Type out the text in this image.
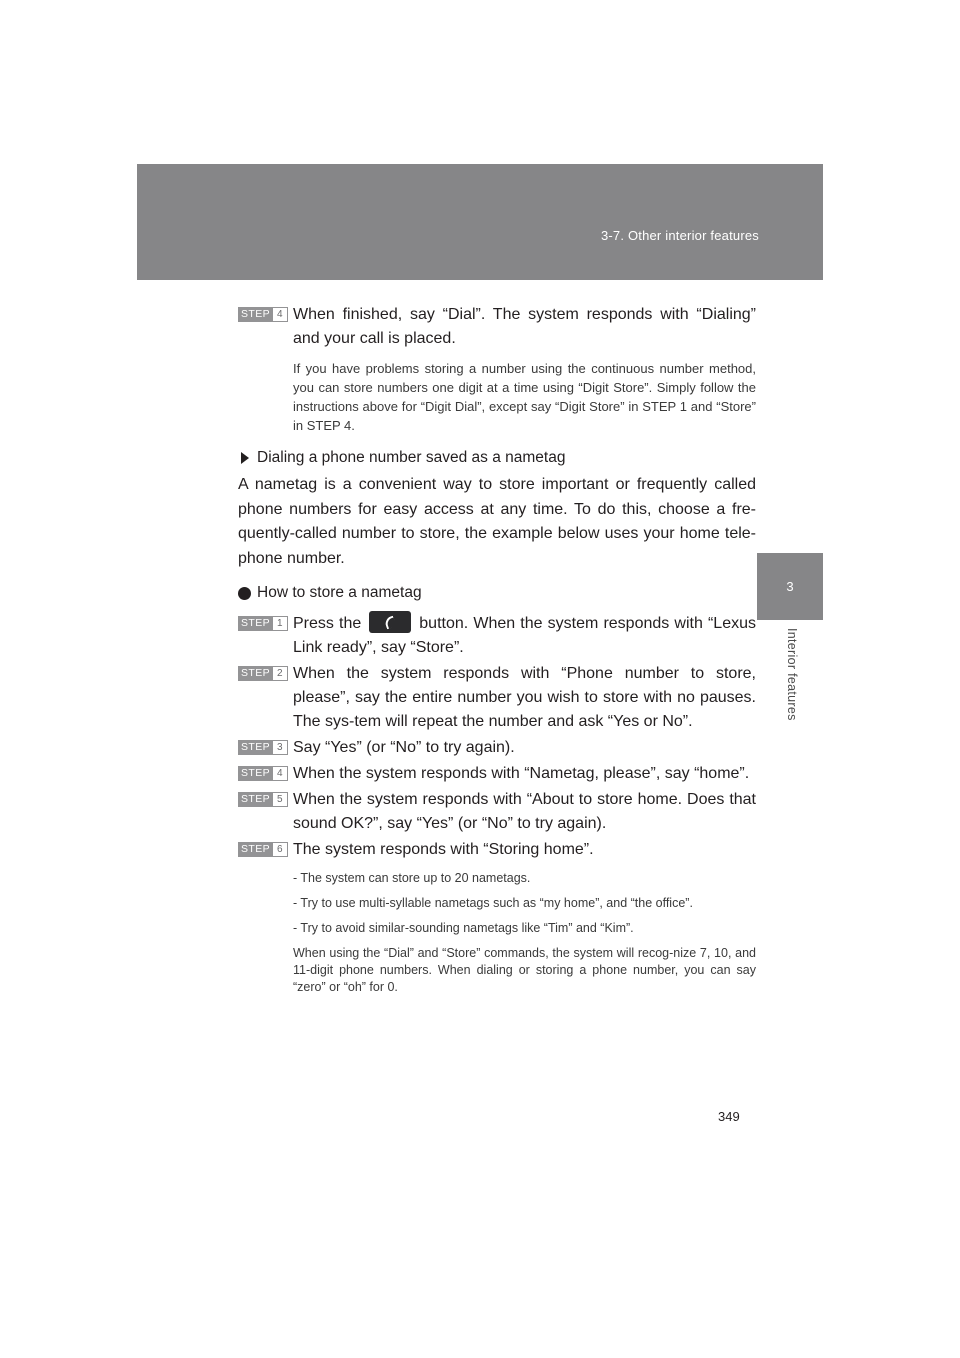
3-7. Other interior features
3
Interior features
STEP 4 When finished, say “Dial”. The system responds with “Dialing” and your call is placed.
If you have problems storing a number using the continuous number method, you can store numbers one digit at a time using “Digit Store”. Simply follow the instructions above for “Digit Dial”, except say “Digit Store” in STEP 1 and “Store” in STEP 4.
Dialing a phone number saved as a nametag
A nametag is a convenient way to store important or frequently called phone numbers for easy access at any time. To do this, choose a fre-quently-called number to store, the example below uses your home tele-phone number.
How to store a nametag
STEP 1 Press the	button. When the system responds with “Lexus Link ready”, say “Store”.
STEP 2 When the system responds with “Phone number to store, please”, say the entire number you wish to store with no pauses. The sys-tem will repeat the number and ask “Yes or No”.
STEP 3 Say “Yes” (or “No” to try again).
STEP 4 When the system responds with “Nametag, please”, say “home”.
STEP 5 When the system responds with “About to store home. Does that sound OK?”, say “Yes” (or “No” to try again).
STEP 6 The system responds with “Storing home”.
- The system can store up to 20 nametags.
- Try to use multi-syllable nametags such as “my home”, and “the office”.
- Try to avoid similar-sounding nametags like “Tim” and “Kim”.
When using the “Dial” and “Store” commands, the system will recog-nize 7, 10, and 11-digit phone numbers. When dialing or storing a phone number, you can say “zero” or “oh” for 0.
349
